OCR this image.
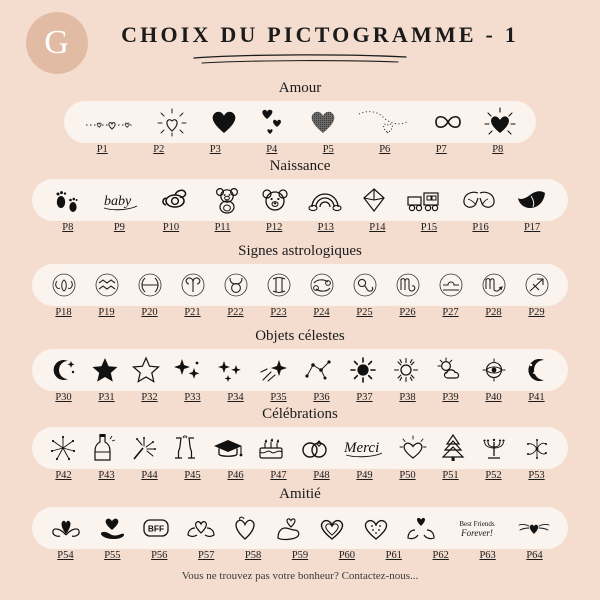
G	CHOIX DU PICTOGRAMME - 1
Amour
P1	P2	P3	P4	P5	P6	P7	P8
Naissance
baby
P8	P9	P10	P11	P12	P13	P14	P15	P16	P17
Signes astrologiques
P18	P19	P20	P21	P22	P23	P24	P25	P26	P27	P28	P29
Objets célestes
P30	P31	P32	P33	P34	P35	P36	P37	P38	P39	P40	P41
Célébrations
Merci
P42	P43	P44	P45	P46	P47	P48	P49	P50	P51	P52	P53
Amitié
BFF	Best Friends
Forever!
P54	P55	P56	P57	P58	P59	P60	P61	P62	P63	P64
Vous ne trouvez pas votre bonheur? Contactez-nous...
